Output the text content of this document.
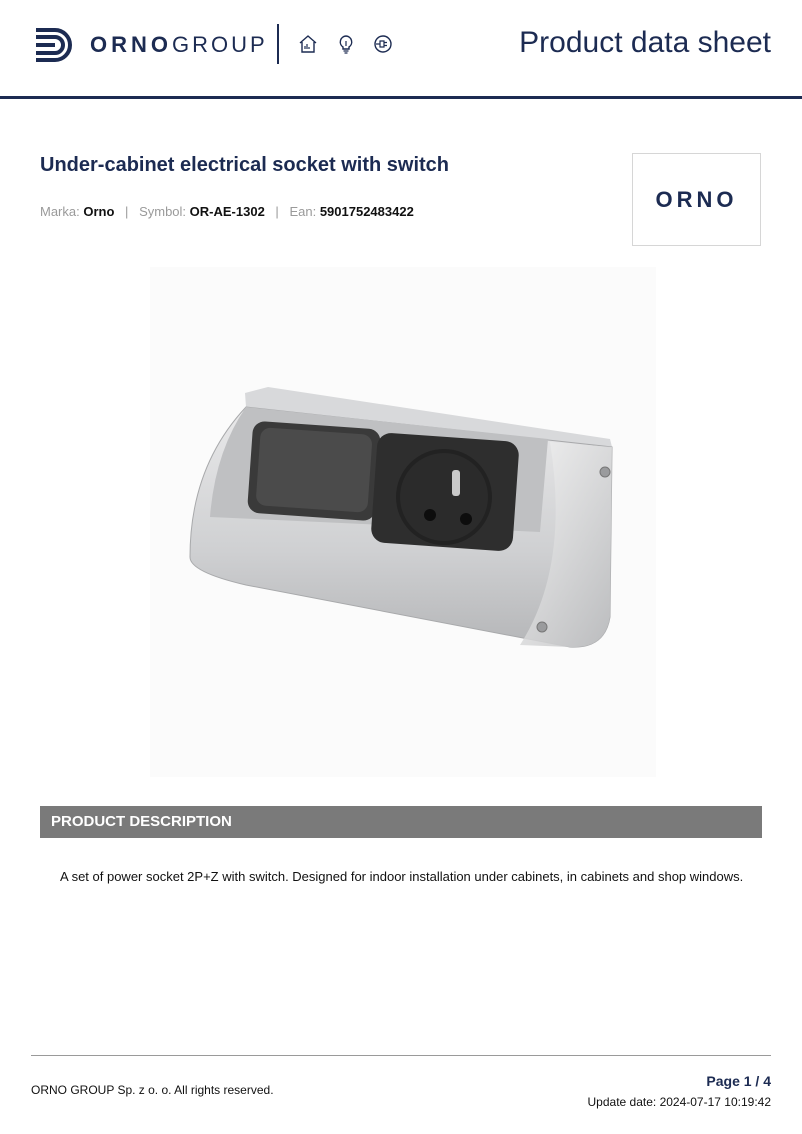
ORNOGROUP	Product data sheet
Under-cabinet electrical socket with switch
Marka: Orno | Symbol: OR-AE-1302 | Ean: 5901752483422	ORNO
PRODUCT DESCRIPTION
A set of power socket 2P+Z with switch. Designed for indoor installation under cabinets, in cabinets and shop windows.
ORNO GROUP Sp. z o. o. All rights reserved.
Page 1 / 4
Update date: 2024-07-17 10:19:42
